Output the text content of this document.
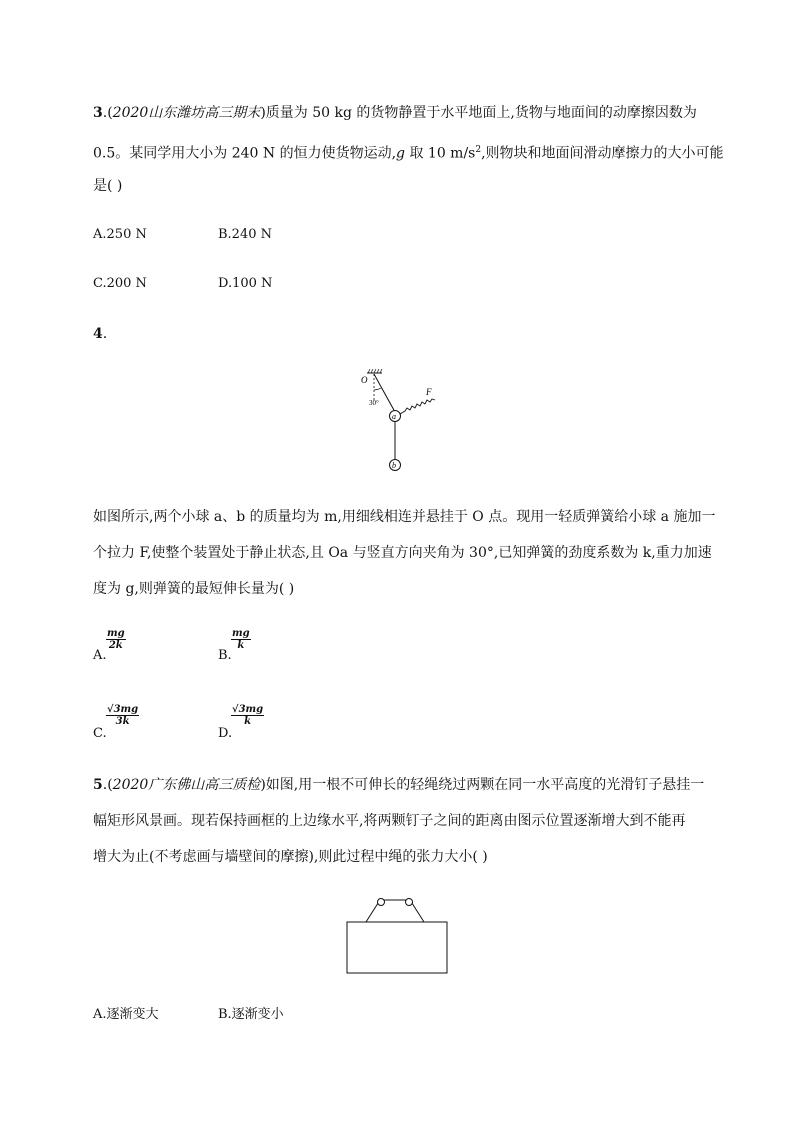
3.(2020山东潍坊高三期末)质量为 50 kg 的货物静置于水平地面上,货物与地面间的动摩擦因数为
0.5。某同学用大小为 240 N 的恒力使货物运动,g 取 10 $m/s^2$,则物块和地面间滑动摩擦力的大小可能
是( )
A.250 N	B.240 N
C.200 N	D.100 N
4.
O
30°
F
a
b
如图所示,两个小球 a、b 的质量均为 m,用细线相连并悬挂于 O 点。现用一轻质弹簧给小球 a 施加一
个拉力 F,使整个装置处于静止状态,且 Oa 与竖直方向夹角为 30°,已知弹簧的劲度系数为 k,重力加速
度为 g,则弹簧的最短伸长量为( )
A.
$\frac{mg}{2k}$
B.
$\frac{mg}{k}$
C.
$\frac{√3mg}{3k}$
D.
$\frac{√3mg}{k}$
5.(2020广东佛山高三质检)如图,用一根不可伸长的轻绳绕过两颗在同一水平高度的光滑钉子悬挂一
幅矩形风景画。现若保持画框的上边缘水平,将两颗钉子之间的距离由图示位置逐渐增大到不能再
增大为止(不考虑画与墙壁间的摩擦),则此过程中绳的张力大小( )
A.逐渐变大	B.逐渐变小
